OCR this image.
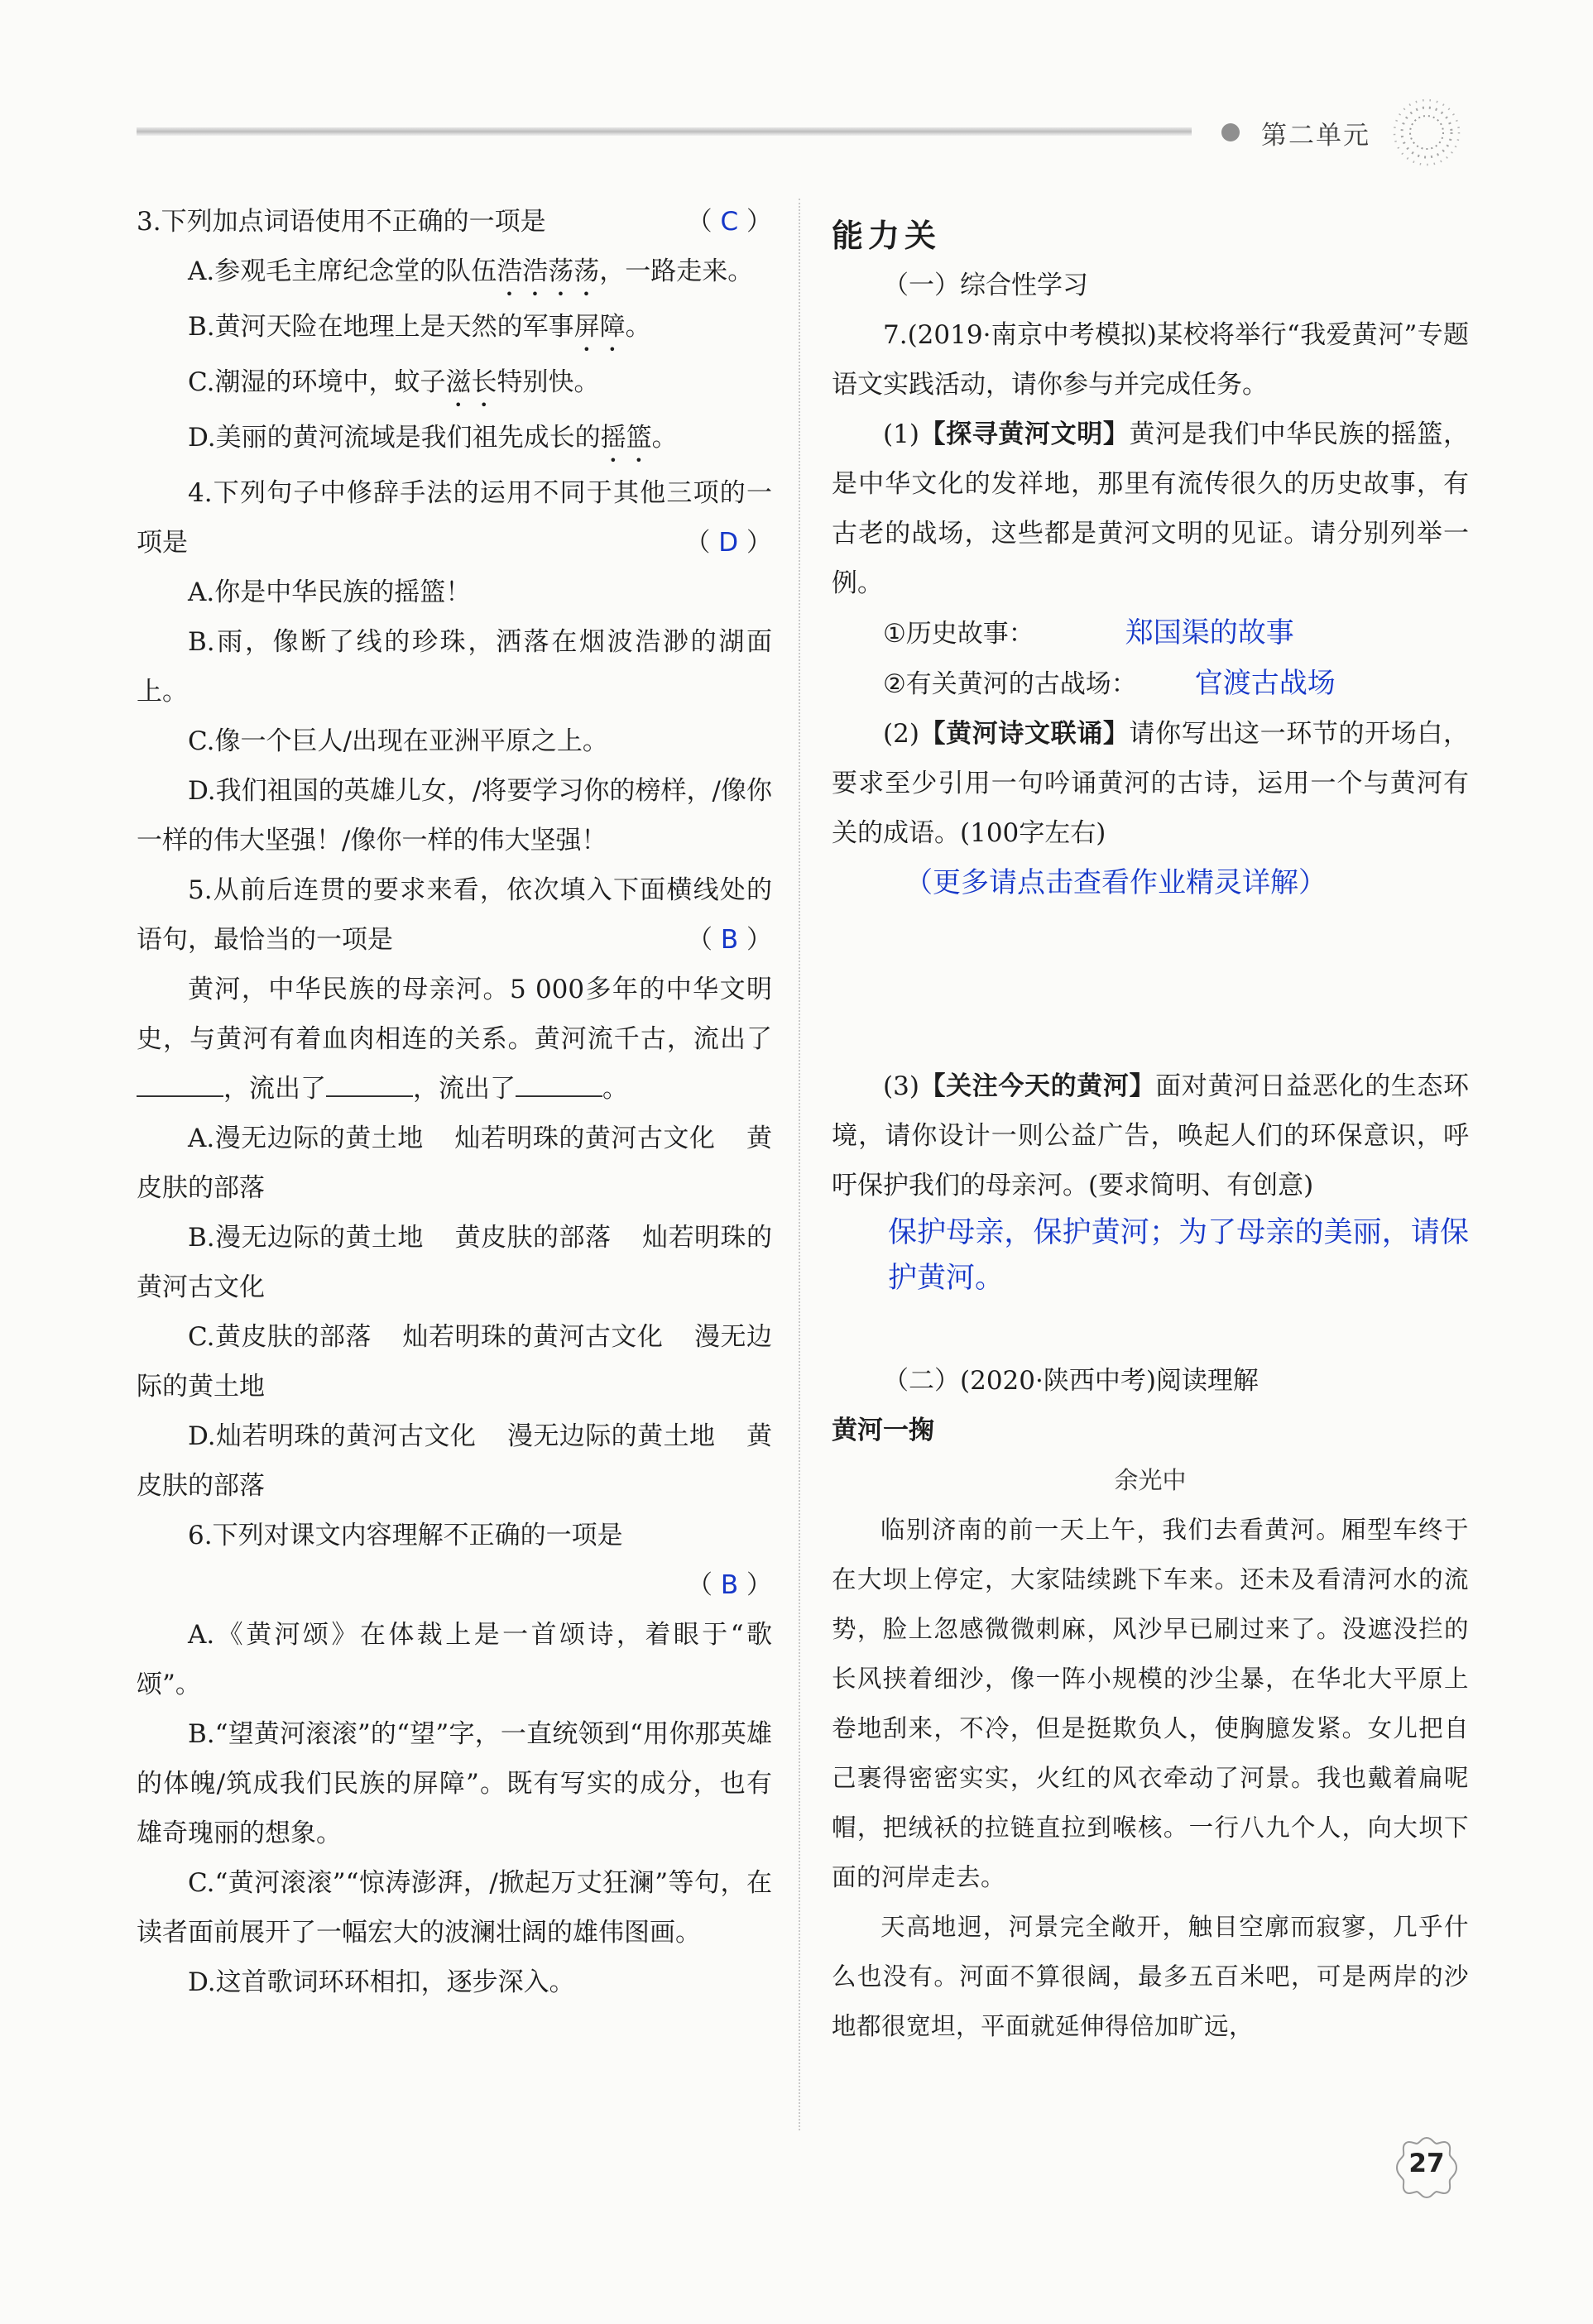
第二单元

3.下列加点词语使用不正确的一项是	（ C ）

A.参观毛主席纪念堂的队伍浩浩荡荡，一路走来。

B.黄河天险在地理上是天然的军事屏障。

C.潮湿的环境中，蚊子滋长特别快。

D.美丽的黄河流域是我们祖先成长的摇篮。

4.下列句子中修辞手法的运用不同于其他三项的一项是	（ D ）

A.你是中华民族的摇篮！

B.雨，像断了线的珍珠，洒落在烟波浩渺的湖面上。

C.像一个巨人/出现在亚洲平原之上。

D.我们祖国的英雄儿女，/将要学习你的榜样，/像你一样的伟大坚强！/像你一样的伟大坚强！

5.从前后连贯的要求来看，依次填入下面横线处的语句，最恰当的一项是	（ B ）

黄河，中华民族的母亲河。5 000多年的中华文明史，与黄河有着血肉相连的关系。黄河流千古，流出了，流出了	，流出了	。

A.漫无边际的黄土地 灿若明珠的黄河古文化 黄皮肤的部落

B.漫无边际的黄土地 黄皮肤的部落 灿若明珠的黄河古文化

C.黄皮肤的部落 灿若明珠的黄河古文化 漫无边际的黄土地

D.灿若明珠的黄河古文化 漫无边际的黄土地 黄皮肤的部落

6.下列对课文内容理解不正确的一项是

（ B ）

A.《黄河颂》在体裁上是一首颂诗，着眼于“歌颂”。

B.“望黄河滚滚”的“望”字，一直统领到“用你那英雄的体魄/筑成我们民族的屏障”。既有写实的成分，也有雄奇瑰丽的想象。

C.“黄河滚滚”“惊涛澎湃，/掀起万丈狂澜”等句，在读者面前展开了一幅宏大的波澜壮阔的雄伟图画。

D.这首歌词环环相扣，逐步深入。

能力关

（一）综合性学习

7.(2019·南京中考模拟)某校将举行“我爱黄河”专题语文实践活动，请你参与并完成任务。

(1)【探寻黄河文明】黄河是我们中华民族的摇篮，是中华文化的发祥地，那里有流传很久的历史故事，有古老的战场，这些都是黄河文明的见证。请分别列举一例。

①历史故事：	郑国渠的故事

②有关黄河的古战场： 官渡古战场

(2)【黄河诗文联诵】请你写出这一环节的开场白，要求至少引用一句吟诵黄河的古诗，运用一个与黄河有关的成语。(100字左右)

（更多请点击查看作业精灵详解）

(3)【关注今天的黄河】面对黄河日益恶化的生态环境，请你设计一则公益广告，唤起人们的环保意识，呼吁保护我们的母亲河。(要求简明、有创意)

保护母亲，保护黄河；为了母亲的美丽，请保护黄河。

（二）(2020·陕西中考)阅读理解

黄河一掬

余光中

临别济南的前一天上午，我们去看黄河。厢型车终于在大坝上停定，大家陆续跳下车来。还未及看清河水的流势，脸上忽感微微刺麻，风沙早已刷过来了。没遮没拦的长风挟着细沙，像一阵小规模的沙尘暴，在华北大平原上卷地刮来，不冷，但是挺欺负人，使胸臆发紧。女儿把自己裹得密密实实，火红的风衣牵动了河景。我也戴着扁呢帽，把绒袄的拉链直拉到喉核。一行八九个人，向大坝下面的河岸走去。

天高地迥，河景完全敞开，触目空廓而寂寥，几乎什么也没有。河面不算很阔，最多五百米吧，可是两岸的沙地都很宽坦，平面就延伸得倍加旷远，

27
